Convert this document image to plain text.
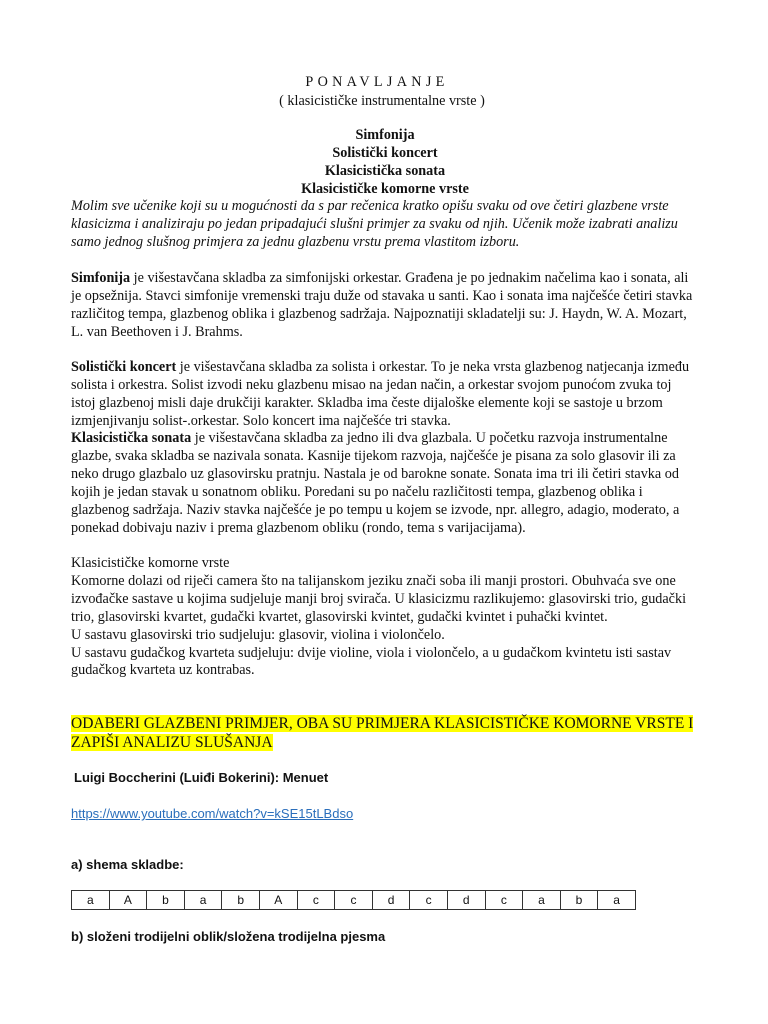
PONAVLJANJE
( klasicističke instrumentalne vrste )
Simfonija
Solistički koncert
Klasicistička sonata
Klasicističke komorne vrste
Molim sve učenike koji su u mogućnosti da s par rečenica kratko opišu svaku od ove četiri glazbene vrste klasicizma i analiziraju po jedan pripadajući slušni primjer za svaku od njih. Učenik može izabrati analizu samo jednog slušnog primjera za jednu glazbenu vrstu prema vlastitom izboru.
Simfonija je višestavčana skladba za simfonijski orkestar. Građena je po jednakim načelima kao i sonata, ali je opsežnija. Stavci simfonije vremenski traju duže od stavaka u santi. Kao i sonata ima najčešće četiri stavka različitog tempa, glazbenog oblika i glazbenog sadržaja. Najpoznatiji skladatelji su: J. Haydn, W. A. Mozart, L. van Beethoven i J. Brahms.
Solistički koncert je višestavčana skladba za solista i orkestar. To je neka vrsta glazbenog natjecanja između solista i orkestra. Solist izvodi neku glazbenu misao na jedan način, a orkestar svojom punoćom zvuka toj istoj glazbenoj misli daje drukčiji karakter. Skladba ima česte dijaloške elemente koji se sastoje u brzom izmjenjivanju solist-.orkestar. Solo koncert ima najčešće tri stavka.
Klasicistička sonata je višestavčana skladba za jedno ili dva glazbala. U početku razvoja instrumentalne glazbe, svaka skladba se nazivala sonata. Kasnije tijekom razvoja, najčešće je pisana za solo glasovir ili za neko drugo glazbalo uz glasovirsku pratnju. Nastala je od barokne sonate. Sonata ima tri ili četiri stavka od kojih je jedan stavak u sonatnom obliku. Poredani su po načelu različitosti tempa, glazbenog oblika i glazbenog sadržaja. Naziv stavka najčešće je po tempu u kojem se izvode, npr. allegro, adagio, moderato, a ponekad dobivaju naziv i prema glazbenom obliku (rondo, tema s varijacijama).
Klasicističke komorne vrste
Komorne dolazi od riječi camera što na talijanskom jeziku znači soba ili manji prostori. Obuhvaća sve one izvođačke sastave u kojima sudjeluje manji broj svirača. U klasicizmu razlikujemo: glasovirski trio, gudački trio, glasovirski kvartet, gudački kvartet, glasovirski kvintet, gudački kvintet i puhački kvintet.
U sastavu glasovirski trio sudjeluju: glasovir, violina i violončelo.
U sastavu gudačkog kvarteta sudjeluju: dvije violine, viola i violončelo, a u gudačkom kvintetu isti sastav gudačkog kvarteta uz kontrabas.
ODABERI GLAZBENI PRIMJER, OBA SU PRIMJERA KLASICISTIČKE KOMORNE VRSTE I ZAPIŠI ANALIZU SLUŠANJA
Luigi Boccherini (Luiđi Bokerini): Menuet
https://www.youtube.com/watch?v=kSE15tLBdso
a) shema skladbe:
a	A	b	a	b	A	c	c	d	c	d	c	a	b	a
b) složeni trodijelni oblik/složena trodijelna pjesma
